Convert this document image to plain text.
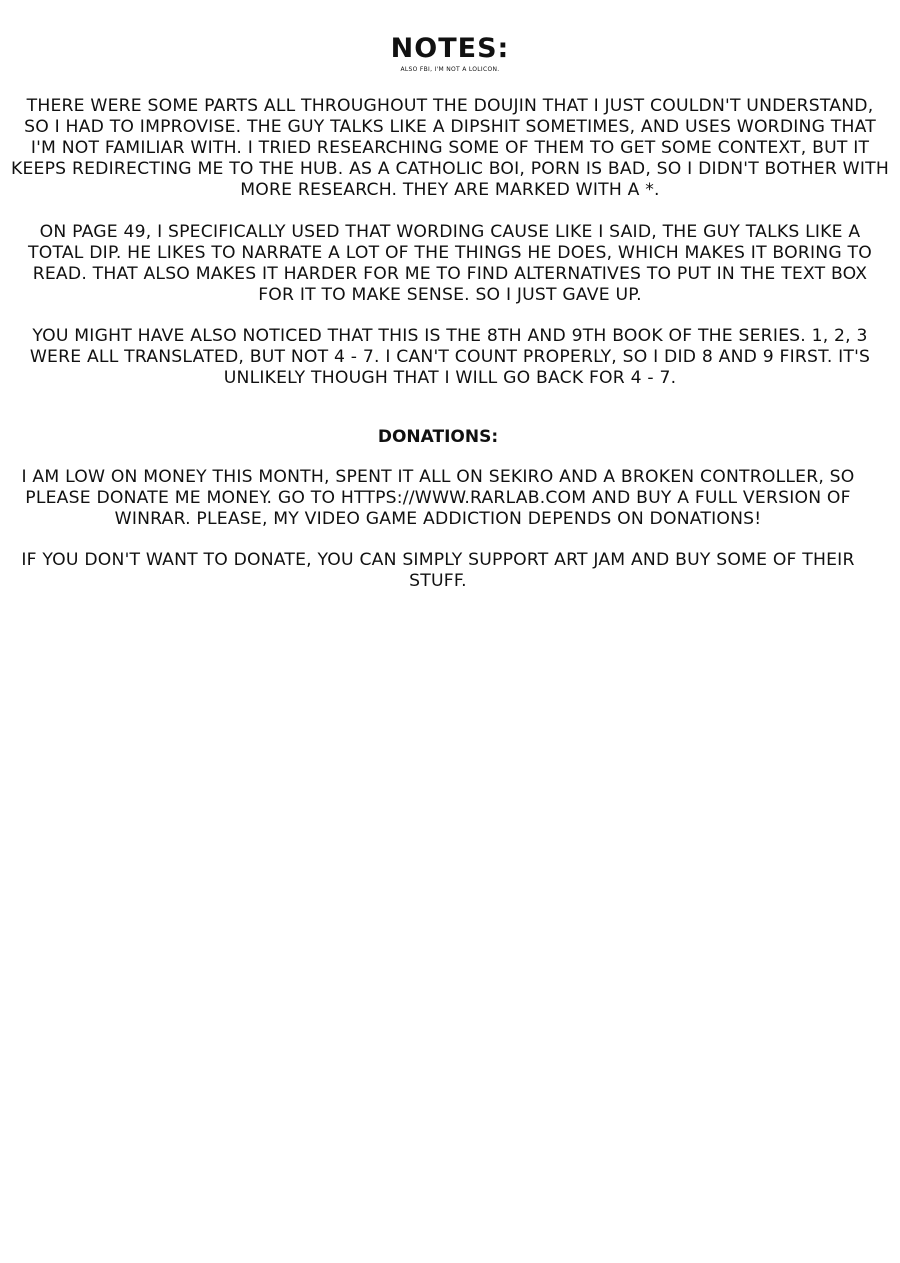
NOTES:

ALSO FBI, I'M NOT A LOLICON.

THERE WERE SOME PARTS ALL THROUGHOUT THE DOUJIN THAT I JUST COULDN'T UNDERSTAND,
SO I HAD TO IMPROVISE. THE GUY TALKS LIKE A DIPSHIT SOMETIMES, AND USES WORDING THAT
I'M NOT FAMILIAR WITH. I TRIED RESEARCHING SOME OF THEM TO GET SOME CONTEXT, BUT IT
KEEPS REDIRECTING ME TO THE HUB. AS A CATHOLIC BOI, PORN IS BAD, SO I DIDN'T BOTHER WITH
MORE RESEARCH. THEY ARE MARKED WITH A *.

ON PAGE 49, I SPECIFICALLY USED THAT WORDING CAUSE LIKE I SAID, THE GUY TALKS LIKE A
TOTAL DIP. HE LIKES TO NARRATE A LOT OF THE THINGS HE DOES, WHICH MAKES IT BORING TO
READ. THAT ALSO MAKES IT HARDER FOR ME TO FIND ALTERNATIVES TO PUT IN THE TEXT BOX
FOR IT TO MAKE SENSE. SO I JUST GAVE UP.

YOU MIGHT HAVE ALSO NOTICED THAT THIS IS THE 8TH AND 9TH BOOK OF THE SERIES. 1, 2, 3
WERE ALL TRANSLATED, BUT NOT 4 - 7. I CAN'T COUNT PROPERLY, SO I DID 8 AND 9 FIRST. IT'S
UNLIKELY THOUGH THAT I WILL GO BACK FOR 4 - 7.

DONATIONS:

I AM LOW ON MONEY THIS MONTH, SPENT IT ALL ON SEKIRO AND A BROKEN CONTROLLER, SO
PLEASE DONATE ME MONEY. GO TO HTTPS://WWW.RARLAB.COM AND BUY A FULL VERSION OF
WINRAR. PLEASE, MY VIDEO GAME ADDICTION DEPENDS ON DONATIONS!

IF YOU DON'T WANT TO DONATE, YOU CAN SIMPLY SUPPORT ART JAM AND BUY SOME OF THEIR
STUFF.
